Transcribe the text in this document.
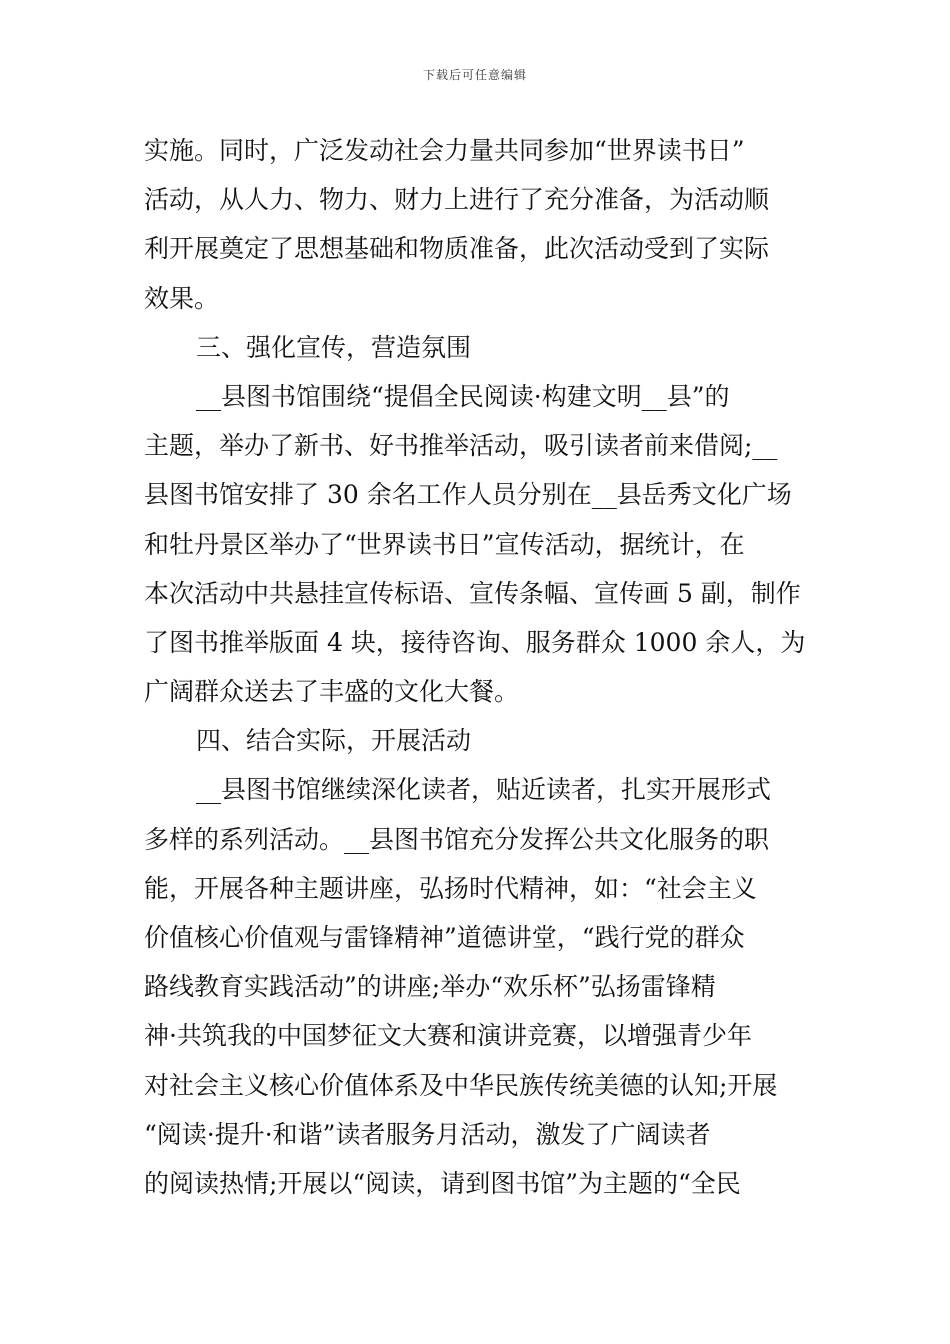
下载后可任意编辑
实施。同时，广泛发动社会力量共同参加“世界读书日”
活动，从人力、物力、财力上进行了充分准备，为活动顺
利开展奠定了思想基础和物质准备，此次活动受到了实际
效果。
三、强化宣传，营造氛围
__县图书馆围绕“提倡全民阅读·构建文明__县”的
主题，举办了新书、好书推举活动，吸引读者前来借阅;__
县图书馆安排了 30 余名工作人员分别在__县岳秀文化广场
和牡丹景区举办了“世界读书日”宣传活动，据统计，在
本次活动中共悬挂宣传标语、宣传条幅、宣传画 5 副，制作
了图书推举版面 4 块，接待咨询、服务群众 1000 余人，为
广阔群众送去了丰盛的文化大餐。
四、结合实际，开展活动
__县图书馆继续深化读者，贴近读者，扎实开展形式
多样的系列活动。__县图书馆充分发挥公共文化服务的职
能，开展各种主题讲座，弘扬时代精神，如：“社会主义
价值核心价值观与雷锋精神”道德讲堂，“践行党的群众
路线教育实践活动”的讲座;举办“欢乐杯”弘扬雷锋精
神·共筑我的中国梦征文大赛和演讲竞赛，以增强青少年
对社会主义核心价值体系及中华民族传统美德的认知;开展
“阅读·提升·和谐”读者服务月活动，激发了广阔读者
的阅读热情;开展以“阅读，请到图书馆”为主题的“全民
